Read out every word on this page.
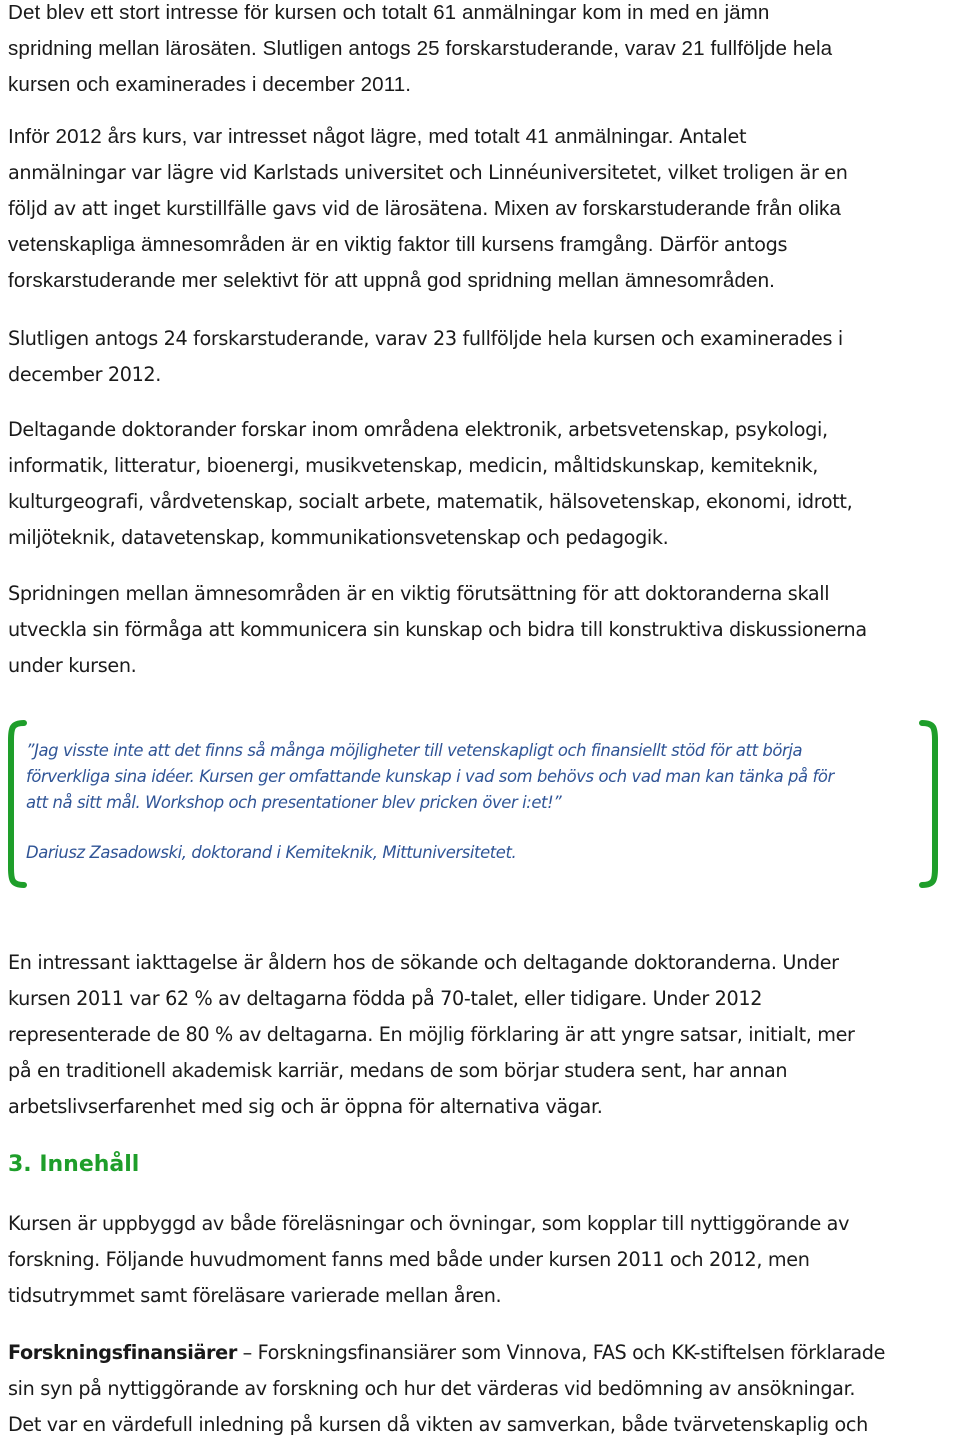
Det blev ett stort intresse för kursen och totalt 61 anmälningar kom in med en jämn
spridning mellan lärosäten. Slutligen antogs 25 forskarstuderande, varav 21 fullföljde hela
kursen och examinerades i december 2011.
Inför 2012 års kurs, var intresset något lägre, med totalt 41 anmälningar. Antalet
anmälningar var lägre vid Karlstads universitet och Linnéuniversitetet, vilket troligen är en
följd av att inget kurstillfälle gavs vid de lärosätena. Mixen av forskarstuderande från olika
vetenskapliga ämnesområden är en viktig faktor till kursens framgång. Därför antogs
forskarstuderande mer selektivt för att uppnå god spridning mellan ämnesområden.
Slutligen antogs 24 forskarstuderande, varav 23 fullföljde hela kursen och examinerades i
december 2012.
Deltagande doktorander forskar inom områdena elektronik, arbetsvetenskap, psykologi,
informatik, litteratur, bioenergi, musikvetenskap, medicin, måltidskunskap, kemiteknik,
kulturgeografi, vårdvetenskap, socialt arbete, matematik, hälsovetenskap, ekonomi, idrott,
miljöteknik, datavetenskap, kommunikationsvetenskap och pedagogik.
Spridningen mellan ämnesområden är en viktig förutsättning för att doktoranderna skall
utveckla sin förmåga att kommunicera sin kunskap och bidra till konstruktiva diskussionerna
under kursen.
”Jag visste inte att det finns så många möjligheter till vetenskapligt och finansiellt stöd för att börja
förverkliga sina idéer. Kursen ger omfattande kunskap i vad som behövs och vad man kan tänka på för
att nå sitt mål. Workshop och presentationer blev pricken över i:et!”
Dariusz Zasadowski, doktorand i Kemiteknik, Mittuniversitetet.
En intressant iakttagelse är åldern hos de sökande och deltagande doktoranderna. Under
kursen 2011 var 62 % av deltagarna födda på 70-talet, eller tidigare. Under 2012
representerade de 80 % av deltagarna. En möjlig förklaring är att yngre satsar, initialt, mer
på en traditionell akademisk karriär, medans de som börjar studera sent, har annan
arbetslivserfarenhet med sig och är öppna för alternativa vägar.
3. Innehåll
Kursen är uppbyggd av både föreläsningar och övningar, som kopplar till nyttiggörande av
forskning. Följande huvudmoment fanns med både under kursen 2011 och 2012, men
tidsutrymmet samt föreläsare varierade mellan åren.
Forskningsfinansiärer – Forskningsfinansiärer som Vinnova, FAS och KK-stiftelsen förklarade
sin syn på nyttiggörande av forskning och hur det värderas vid bedömning av ansökningar.
Det var en värdefull inledning på kursen då vikten av samverkan, både tvärvetenskaplig och
